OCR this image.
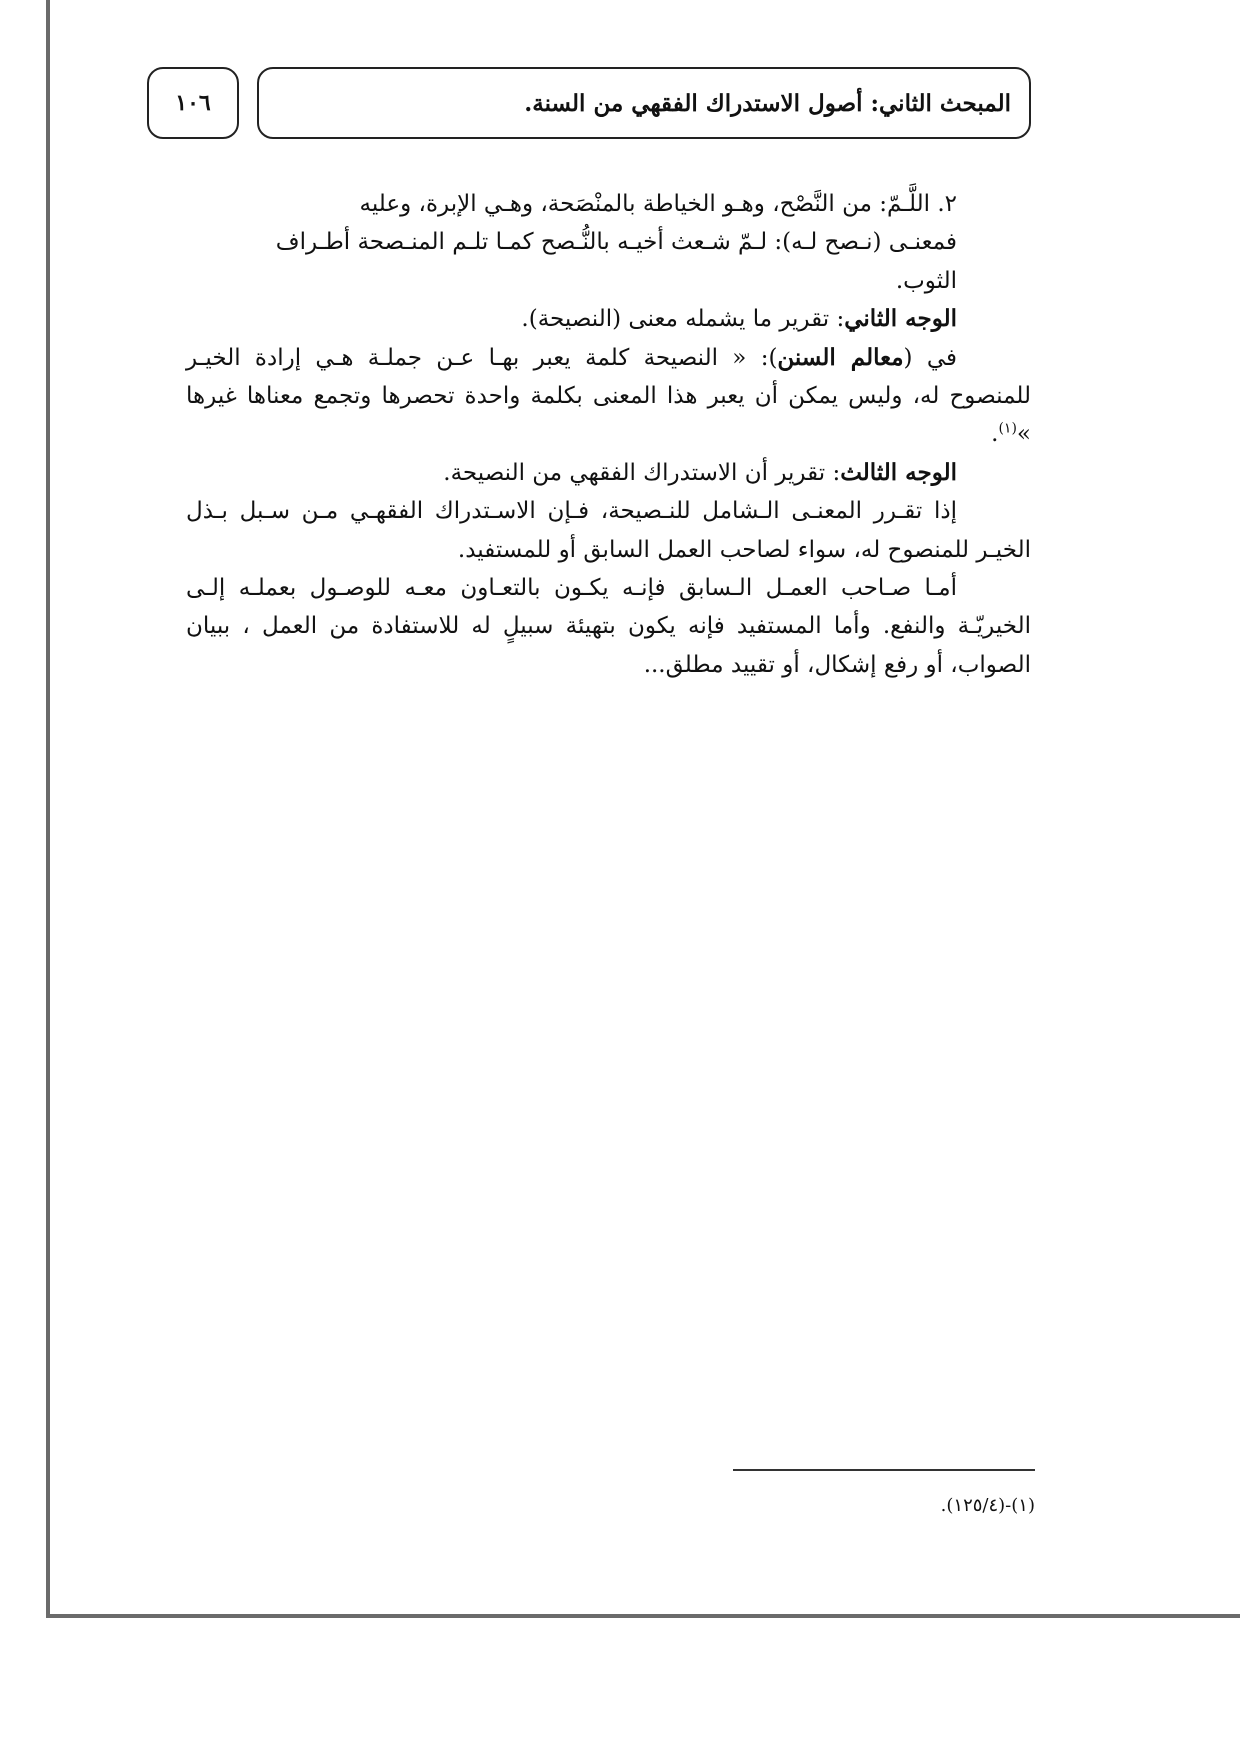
١٠٦	المبحث الثاني: أصول الاستدراك الفقهي من السنة.

٢. اللَّـمّ: من النَّصْح، وهـو الخياطة بالمنْصَحة، وهـي الإبرة، وعليه

فمعنـى (نـصح لـه): لـمّ شـعث أخيـه بالنُّـصح كمـا تلـم المنـصحة أطـراف

الثوب.

الوجه الثاني: تقرير ما يشمله معنى (النصيحة).

في (معالم السنن): « النصيحة كلمة يعبر بهـا عـن جملـة هـي إرادة الخيـر للمنصوح له، وليس يمكن أن يعبر هذا المعنى بكلمة واحدة تحصرها وتجمع معناها غيرها »$^{(١)}$.

الوجه الثالث: تقرير أن الاستدراك الفقهي من النصيحة.

إذا تقـرر المعنـى الـشامل للنـصيحة، فـإن الاسـتدراك الفقهـي مـن سـبل بـذل الخيـر للمنصوح له، سواء لصاحب العمل السابق أو للمستفيد.

أمـا صـاحب العمـل الـسابق فإنـه يكـون بالتعـاون معـه للوصـول بعملـه إلـى الخيريّـة والنفع. وأما المستفيد فإنه يكون بتهيئة سبيلٍ له للاستفادة من العمل ، ببيان الصواب، أو رفع إشكال، أو تقييد مطلق...

(١)-(١٢٥/٤).
